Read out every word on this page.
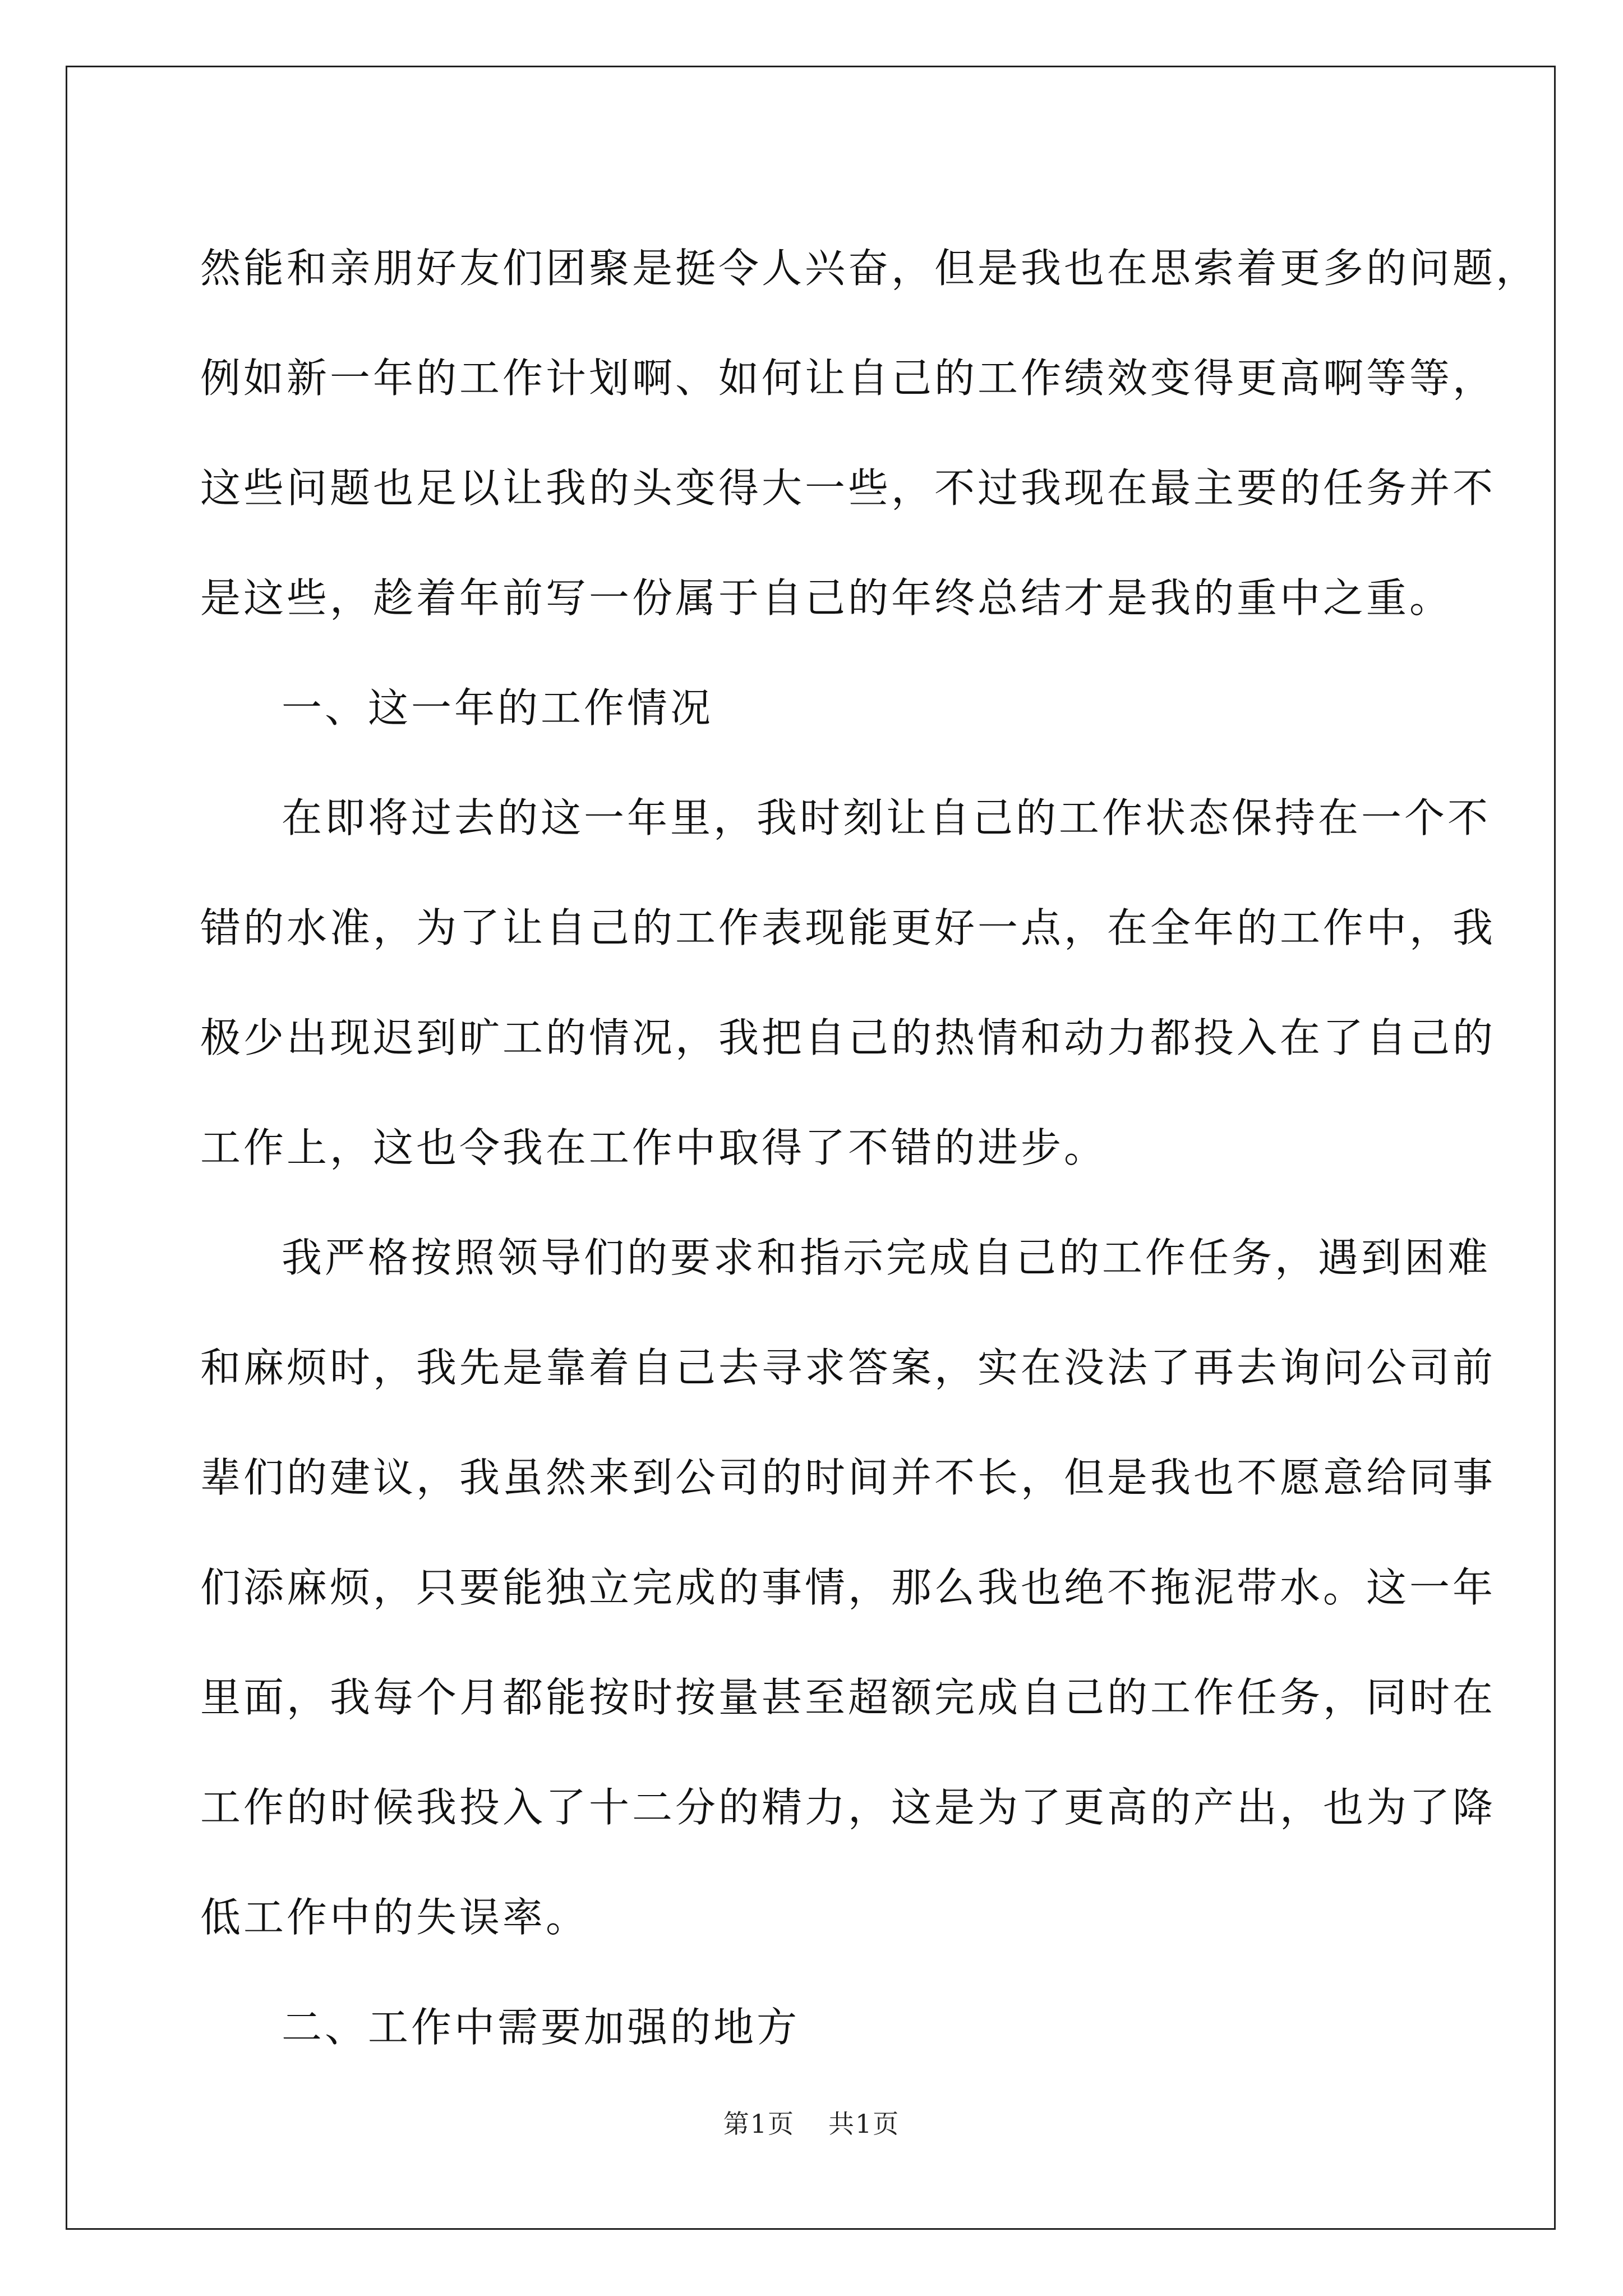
然能和亲朋好友们团聚是挺令人兴奋，但是我也在思索着更多的问题，
例如新一年的工作计划啊、如何让自己的工作绩效变得更高啊等等，
这些问题也足以让我的头变得大一些，不过我现在最主要的任务并不
是这些，趁着年前写一份属于自己的年终总结才是我的重中之重。
一、这一年的工作情况
在即将过去的这一年里，我时刻让自己的工作状态保持在一个不
错的水准，为了让自己的工作表现能更好一点，在全年的工作中，我
极少出现迟到旷工的情况，我把自己的热情和动力都投入在了自己的
工作上，这也令我在工作中取得了不错的进步。
我严格按照领导们的要求和指示完成自己的工作任务，遇到困难
和麻烦时，我先是靠着自己去寻求答案，实在没法了再去询问公司前
辈们的建议，我虽然来到公司的时间并不长，但是我也不愿意给同事
们添麻烦，只要能独立完成的事情，那么我也绝不拖泥带水。这一年
里面，我每个月都能按时按量甚至超额完成自己的工作任务，同时在
工作的时候我投入了十二分的精力，这是为了更高的产出，也为了降
低工作中的失误率。
二、工作中需要加强的地方
第1页 共1页
